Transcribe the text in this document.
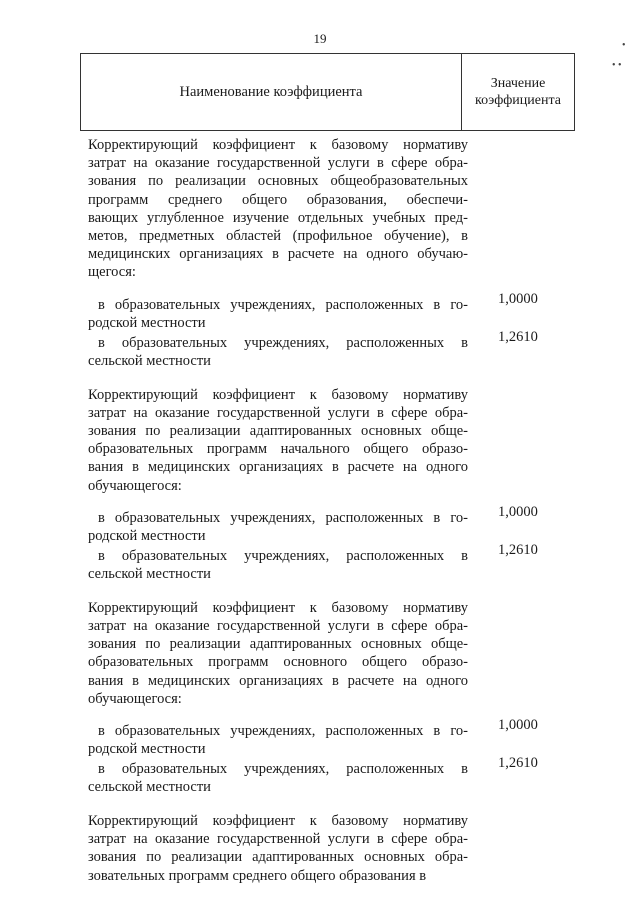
19
Наименование коэффициента	Значение
коэффициента
Корректирующий коэффициент к базовому нормативу
затрат на оказание государственной услуги в сфере обра-
зования по реализации основных общеобразовательных
программ среднего общего образования, обеспечи-
вающих углубленное изучение отдельных учебных пред-
метов, предметных областей (профильное обучение), в
медицинских организациях в расчете на одного обучаю-
щегося:
в образовательных учреждениях, расположенных в го-
родской местности
1,0000
в образовательных учреждениях, расположенных в
сельской местности
1,2610
Корректирующий коэффициент к базовому нормативу
затрат на оказание государственной услуги в сфере обра-
зования по реализации адаптированных основных обще-
образовательных программ начального общего образо-
вания в медицинских организациях в расчете на одного
обучающегося:
в образовательных учреждениях, расположенных в го-
родской местности
1,0000
в образовательных учреждениях, расположенных в
сельской местности
1,2610
Корректирующий коэффициент к базовому нормативу
затрат на оказание государственной услуги в сфере обра-
зования по реализации адаптированных основных обще-
образовательных программ основного общего образо-
вания в медицинских организациях в расчете на одного
обучающегося:
в образовательных учреждениях, расположенных в го-
родской местности
1,0000
в образовательных учреждениях, расположенных в
сельской местности
1,2610
Корректирующий коэффициент к базовому нормативу
затрат на оказание государственной услуги в сфере обра-
зования по реализации адаптированных основных обра-
зовательных программ среднего общего образования в
•
• •
